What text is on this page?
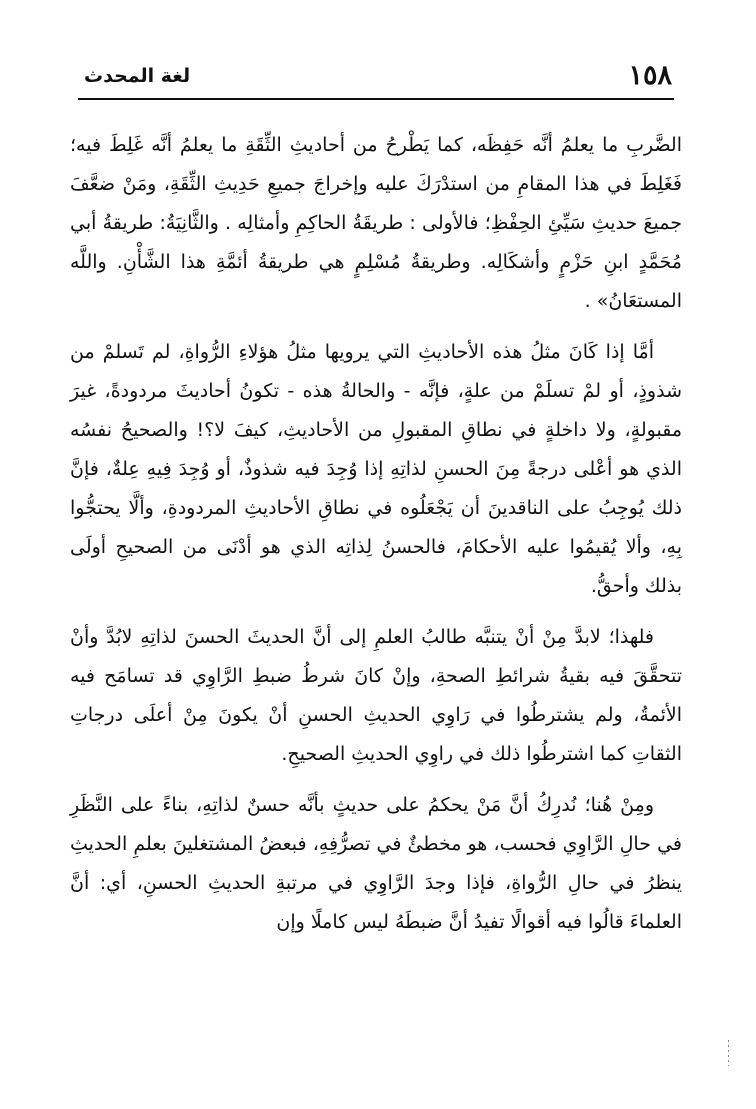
١٥٨
لغة المحدث

الضَّربِ ما يعلمُ أنَّه حَفِظَه، كما يَطْرحُ من أحاديثِ الثِّقَةِ ما يعلمُ أنَّه غَلِطَ فيه؛ فَغَلِطَ في هذا المقامِ من استدْرَكَ عليه وإخراجَ جميعِ حَدِيثِ الثِّقَةِ، ومَنْ ضعَّفَ جميعَ حديثِ سَيِّئِ الحِفْظِ؛ فالأولى : طريقَةُ الحاكِمِ وأمثالِه . والثَّانِيَةُ: طريقةُ أبي مُحَمَّدٍ ابنِ حَزْمٍ وأشكَالِه. وطريقةُ مُسْلِمٍ هي طريقةُ أئمَّةِ هذا الشَّأْنِ. واللَّه المستعَانُ» .

أمَّا إذا كَانَ مثلُ هذه الأحاديثِ التي يرويها مثلُ هؤلاءِ الرُّواةِ، لم تَسلمْ من شذوذٍ، أو لمْ تسلَمْ من علةٍ، فإنَّه - والحالةُ هذه - تكونُ أحاديثَ مردودةً، غيرَ مقبولةٍ، ولا داخلةٍ في نطاقِ المقبولِ من الأحاديثِ، كيفَ لا؟! والصحيحُ نفسُه الذي هو أعْلى درجةً مِنَ الحسنِ لذاتِهِ إذا وُجِدَ فيه شذوذٌ، أو وُجِدَ فِيهِ عِلةٌ، فإنَّ ذلك يُوجِبُ على الناقدينَ أن يَجْعَلُوه في نطاقِ الأحاديثِ المردودةِ، وألَّا يحتجُّوا بِهِ، وألا يُقيمُوا عليه الأحكامَ، فالحسنُ لِذاتِه الذي هو أدْنَى من الصحيحِ أولَى بذلك وأحقُّ.

فلهذا؛ لابدَّ مِنْ أنْ يتنبَّه طالبُ العلمِ إلى أنَّ الحديثَ الحسنَ لذاتِهِ لابُدَّ وأنْ تتحقَّقَ فيه بقيةُ شرائطِ الصحةِ، وإنْ كانَ شرطُ ضبطِ الرَّاوِي قد تسامَح فيه الأئمةُ، ولم يشترطُوا في رَاوِي الحديثِ الحسنِ أنْ يكونَ مِنْ أعلَى درجاتِ الثقاتِ كما اشترطُوا ذلك في راوِي الحديثِ الصحيحِ.

ومِنْ هُنا؛ نُدرِكُ أنَّ مَنْ يحكمُ على حديثٍ بأنَّه حسنٌ لذاتِهِ، بناءً على النَّظَرِ في حالِ الرَّاوِي فحسب، هو مخطئٌ في تصرُّفِهِ، فبعضُ المشتغلينَ بعلمِ الحديثِ ينظرُ في حالِ الرُّواةِ، فإذا وجدَ الرَّاوِي في مرتبةِ الحديثِ الحسنِ، أي: أنَّ العلماءَ قالُوا فيه أقوالًا تفيدُ أنَّ ضبطَهُ ليس كاملًا وإن
